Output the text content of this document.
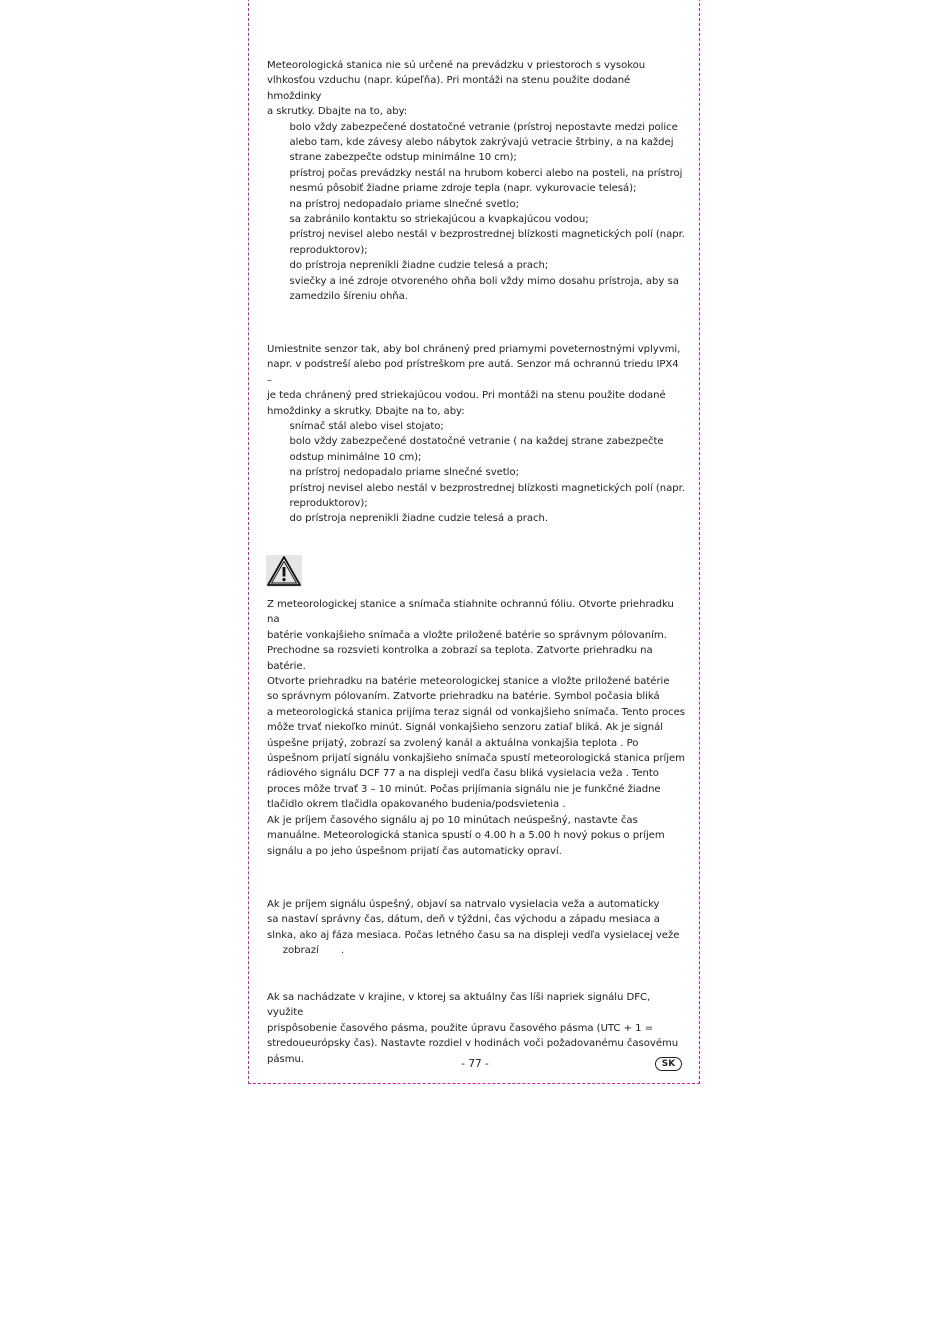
Meteorologická stanica nie sú určené na prevádzku v priestoroch s vysokou
vlhkosťou vzduchu (napr. kúpeľňa). Pri montáži na stenu použite dodané hmoždinky
a skrutky. Dbajte na to, aby:
bolo vždy zabezpečené dostatočné vetranie (prístroj nepostavte medzi police
alebo tam, kde závesy alebo nábytok zakrývajú vetracie štrbiny, a na každej
strane zabezpečte odstup minimálne 10 cm);
prístroj počas prevádzky nestál na hrubom koberci alebo na posteli, na prístroj
nesmú pôsobiť žiadne priame zdroje tepla (napr. vykurovacie telesá);
na prístroj nedopadalo priame slnečné svetlo;
sa zabránilo kontaktu so striekajúcou a kvapkajúcou vodou;
prístroj nevisel alebo nestál v bezprostrednej blízkosti magnetických polí (napr.
reproduktorov);
do prístroja neprenikli žiadne cudzie telesá a prach;
sviečky a iné zdroje otvoreného ohňa boli vždy mimo dosahu prístroja, aby sa
zamedzilo šíreniu ohňa.
Umiestnite senzor tak, aby bol chránený pred priamymi poveternostnými vplyvmi,
napr. v podstreší alebo pod prístreškom pre autá. Senzor má ochrannú triedu IPX4 –
je teda chránený pred striekajúcou vodou. Pri montáži na stenu použite dodané
hmoždinky a skrutky. Dbajte na to, aby:
snímač stál alebo visel stojato;
bolo vždy zabezpečené dostatočné vetranie ( na každej strane zabezpečte
odstup minimálne 10 cm);
na prístroj nedopadalo priame slnečné svetlo;
prístroj nevisel alebo nestál v bezprostrednej blízkosti magnetických polí (napr.
reproduktorov);
do prístroja neprenikli žiadne cudzie telesá a prach.
Z meteorologickej stanice a snímača stiahnite ochrannú fóliu. Otvorte priehradku na
batérie vonkajšieho snímača a vložte priložené batérie so správnym pólovaním.
Prechodne sa rozsvieti kontrolka a zobrazí sa teplota. Zatvorte priehradku na
batérie.
Otvorte priehradku na batérie meteorologickej stanice a vložte priložené batérie
so správnym pólovaním. Zatvorte priehradku na batérie. Symbol počasia bliká
a meteorologická stanica prijíma teraz signál od vonkajšieho snímača. Tento proces
môže trvať niekoľko minút. Signál vonkajšieho senzoru zatiaľ bliká. Ak je signál
úspešne prijatý, zobrazí sa zvolený kanál a aktuálna vonkajšia teplota . Po
úspešnom prijatí signálu vonkajšieho snímača spustí meteorologická stanica príjem
rádiového signálu DCF 77 a na displeji vedľa času bliká vysielacia veža . Tento
proces môže trvať 3 – 10 minút. Počas prijímania signálu nie je funkčné žiadne
tlačidlo okrem tlačidla opakovaného budenia/podsvietenia .
Ak je príjem časového signálu aj po 10 minútach neúspešný, nastavte čas
manuálne. Meteorologická stanica spustí o 4.00 h a 5.00 h nový pokus o príjem
signálu a po jeho úspešnom prijatí čas automaticky opraví.
Ak je príjem signálu úspešný, objaví sa natrvalo vysielacia veža a automaticky
sa nastaví správny čas, dátum, deň v týždni, čas východu a západu mesiaca a
slnka, ako aj fáza mesiaca. Počas letného času sa na displeji vedľa vysielacej veže
zobrazí       .
Ak sa nachádzate v krajine, v ktorej sa aktuálny čas líši napriek signálu DFC, využite
prispôsobenie časového pásma, použite úpravu časového pásma (UTC + 1 =
stredoueurópsky čas). Nastavte rozdiel v hodinách voči požadovanému časovému
pásmu.	- 77 -	SK
